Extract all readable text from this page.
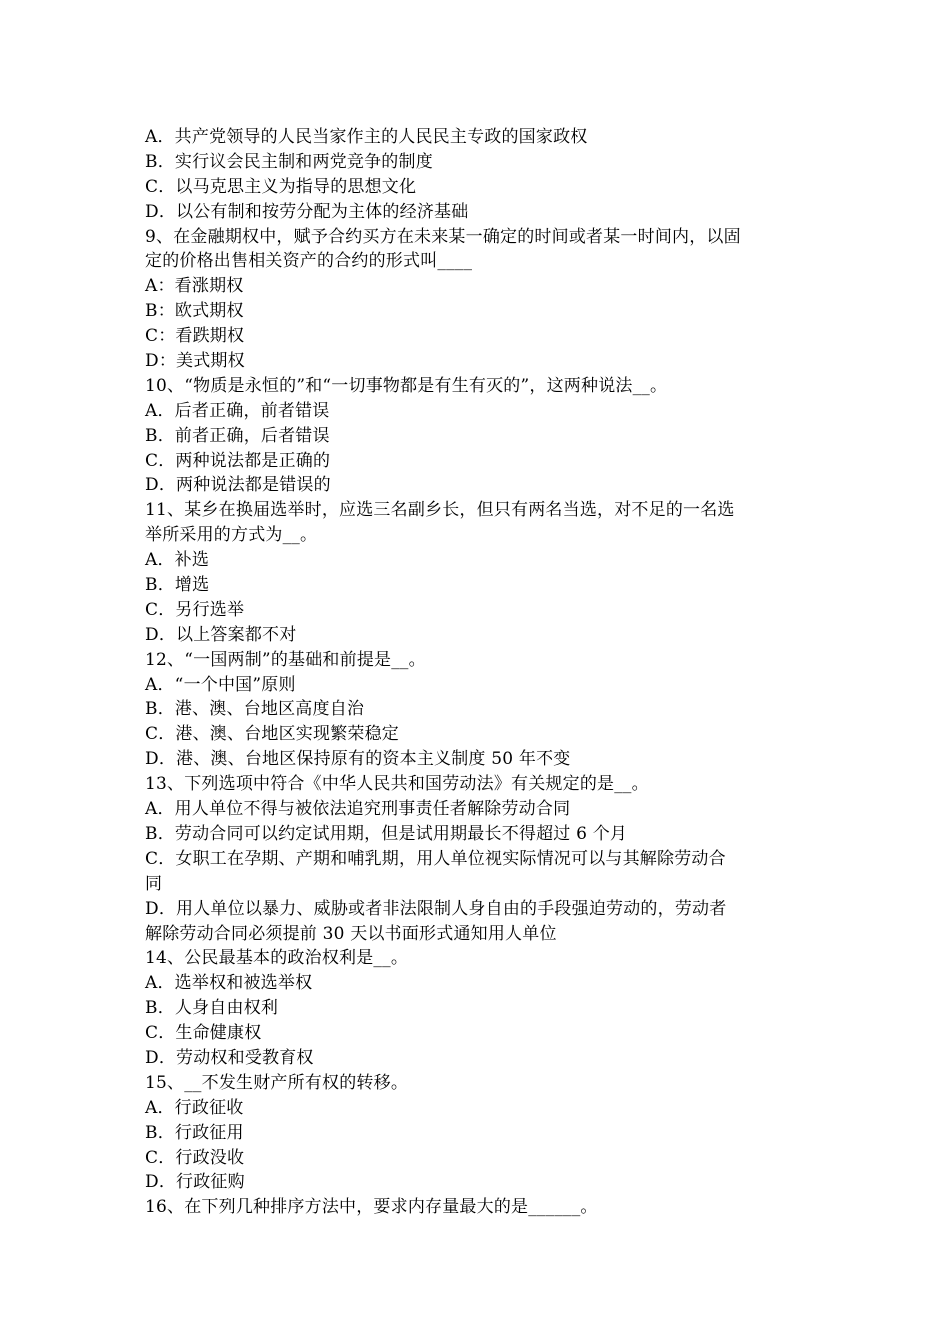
A．共产党领导的人民当家作主的人民民主专政的国家政权
B．实行议会民主制和两党竞争的制度
C．以马克思主义为指导的思想文化
D．以公有制和按劳分配为主体的经济基础
9、在金融期权中，赋予合约买方在未来某一确定的时间或者某一时间内，以固
定的价格出售相关资产的合约的形式叫____
A：看涨期权
B：欧式期权
C：看跌期权
D：美式期权
10、“物质是永恒的”和“一切事物都是有生有灭的”，这两种说法__。
A．后者正确，前者错误
B．前者正确，后者错误
C．两种说法都是正确的
D．两种说法都是错误的
11、某乡在换届选举时，应选三名副乡长，但只有两名当选，对不足的一名选
举所采用的方式为__。
A．补选
B．增选
C．另行选举
D．以上答案都不对
12、“一国两制”的基础和前提是__。
A．“一个中国”原则
B．港、澳、台地区高度自治
C．港、澳、台地区实现繁荣稳定
D．港、澳、台地区保持原有的资本主义制度 50 年不变
13、下列选项中符合《中华人民共和国劳动法》有关规定的是__。
A．用人单位不得与被依法追究刑事责任者解除劳动合同
B．劳动合同可以约定试用期，但是试用期最长不得超过 6 个月
C．女职工在孕期、产期和哺乳期，用人单位视实际情况可以与其解除劳动合
同
D．用人单位以暴力、威胁或者非法限制人身自由的手段强迫劳动的，劳动者
解除劳动合同必须提前 30 天以书面形式通知用人单位
14、公民最基本的政治权利是__。
A．选举权和被选举权
B．人身自由权利
C．生命健康权
D．劳动权和受教育权
15、__不发生财产所有权的转移。
A．行政征收
B．行政征用
C．行政没收
D．行政征购
16、在下列几种排序方法中，要求内存量最大的是______。
